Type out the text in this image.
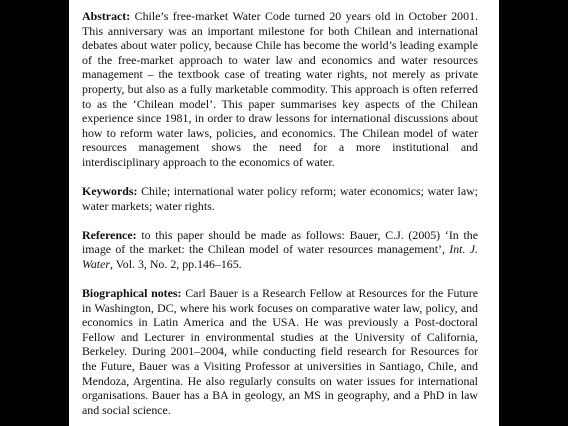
Abstract: Chile’s free-market Water Code turned 20 years old in October 2001. This anniversary was an important milestone for both Chilean and international debates about water policy, because Chile has become the world’s leading example of the free-market approach to water law and economics and water resources management – the textbook case of treating water rights, not merely as private property, but also as a fully marketable commodity. This approach is often referred to as the ‘Chilean model’. This paper summarises key aspects of the Chilean experience since 1981, in order to draw lessons for international discussions about how to reform water laws, policies, and economics. The Chilean model of water resources management shows the need for a more institutional and interdisciplinary approach to the economics of water.

Keywords: Chile; international water policy reform; water economics; water law; water markets; water rights.

Reference: to this paper should be made as follows: Bauer, C.J. (2005) ‘In the image of the market: the Chilean model of water resources management’, Int. J. Water, Vol. 3, No. 2, pp.146–165.

Biographical notes: Carl Bauer is a Research Fellow at Resources for the Future in Washington, DC, where his work focuses on comparative water law, policy, and economics in Latin America and the USA. He was previously a Post-doctoral Fellow and Lecturer in environmental studies at the University of California, Berkeley. During 2001–2004, while conducting field research for Resources for the Future, Bauer was a Visiting Professor at universities in Santiago, Chile, and Mendoza, Argentina. He also regularly consults on water issues for international organisations. Bauer has a BA in geology, an MS in geography, and a PhD in law and social science.
